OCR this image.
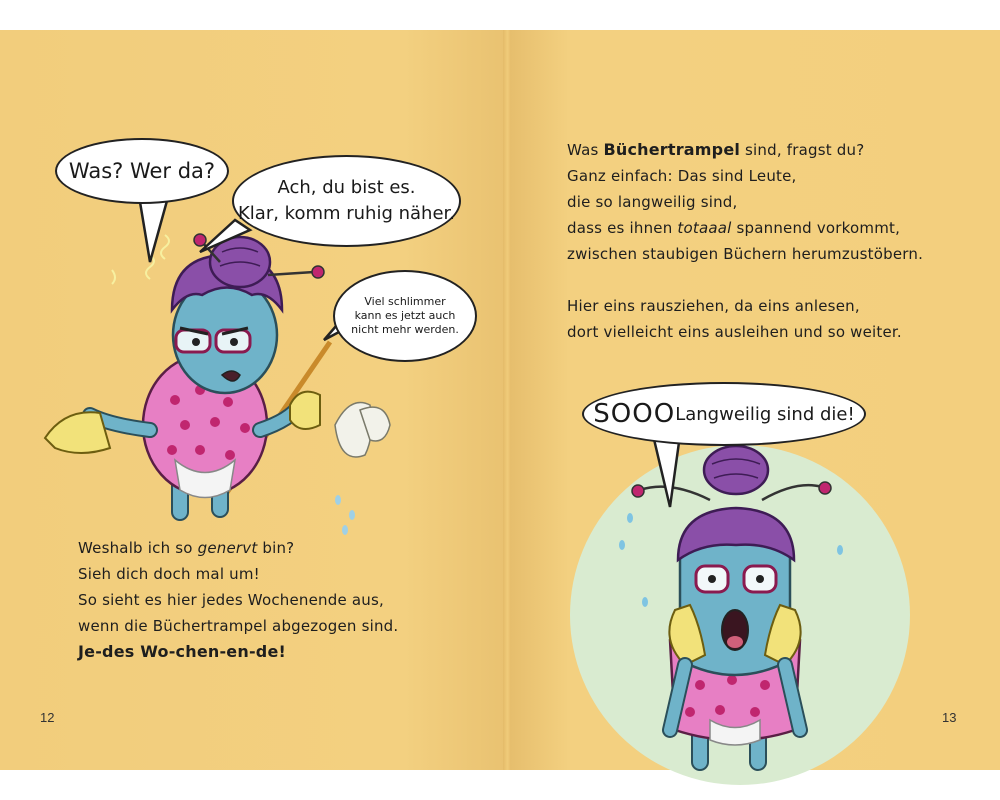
Was? Wer da?
Ach, du bist es.
Klar, komm ruhig näher.
Viel schlimmer
kann es jetzt auch
nicht mehr werden.
Weshalb ich so genervt bin?
Sieh dich doch mal um!
So sieht es hier jedes Wochenende aus,
wenn die Büchertrampel abgezogen sind.
Je-des Wo-chen-en-de!
12
Was Büchertrampel sind, fragst du?
Ganz einfach: Das sind Leute,
die so langweilig sind,
dass es ihnen totaaal spannend vorkommt,
zwischen staubigen Büchern herumzustöbern.
Hier eins rausziehen, da eins anlesen,
dort vielleicht eins ausleihen und so weiter.
SOOO Langweilig sind die!
13
